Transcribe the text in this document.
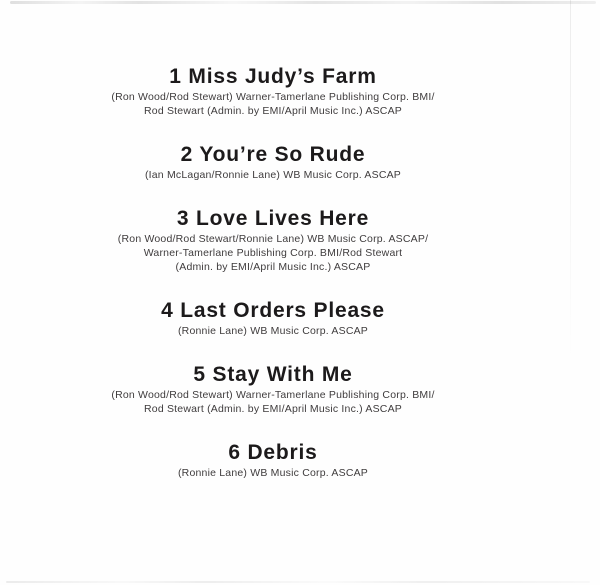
1 Miss Judy’s Farm

(Ron Wood/Rod Stewart) Warner-Tamerlane Publishing Corp. BMI/

Rod Stewart (Admin. by EMI/April Music Inc.) ASCAP

2 You’re So Rude

(Ian McLagan/Ronnie Lane) WB Music Corp. ASCAP

3 Love Lives Here

(Ron Wood/Rod Stewart/Ronnie Lane) WB Music Corp. ASCAP/

Warner-Tamerlane Publishing Corp. BMI/Rod Stewart

(Admin. by EMI/April Music Inc.) ASCAP

4 Last Orders Please

(Ronnie Lane) WB Music Corp. ASCAP

5 Stay With Me

(Ron Wood/Rod Stewart) Warner-Tamerlane Publishing Corp. BMI/

Rod Stewart (Admin. by EMI/April Music Inc.) ASCAP

6 Debris

(Ronnie Lane) WB Music Corp. ASCAP
